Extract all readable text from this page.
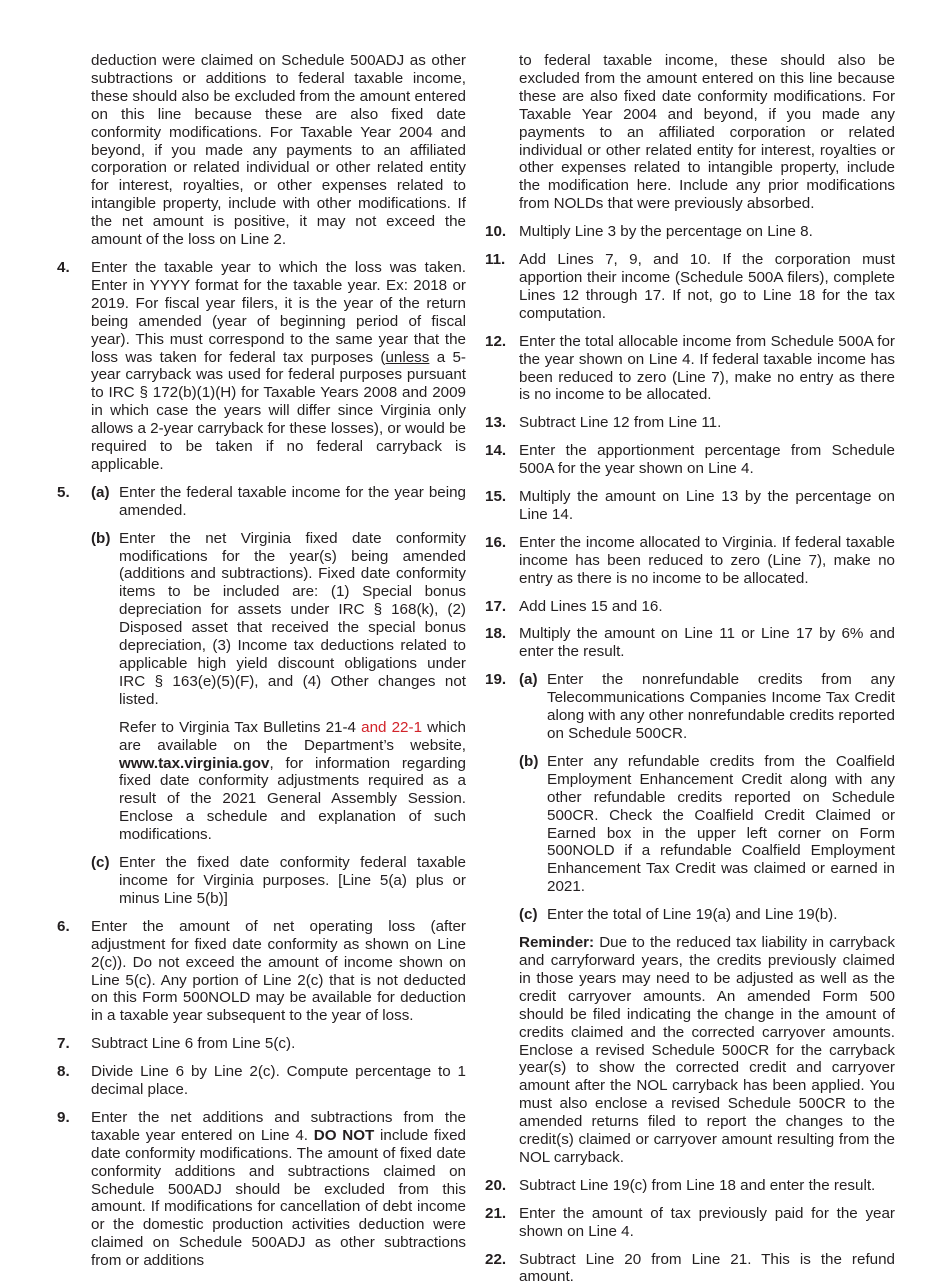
deduction were claimed on Schedule 500ADJ as other subtractions or additions to federal taxable income, these should also be excluded from the amount entered on this line because these are also fixed date conformity modifications. For Taxable Year 2004 and beyond, if you made any payments to an affiliated corporation or related individual or other related entity for interest, royalties, or other expenses related to intangible property, include with other modifications. If the net amount is positive, it may not exceed the amount of the loss on Line 2.

4.	Enter the taxable year to which the loss was taken. Enter in YYYY format for the taxable year. Ex: 2018 or 2019. For fiscal year filers, it is the year of the return being amended (year of beginning period of fiscal year). This must correspond to the same year that the loss was taken for federal tax purposes (unless a 5-year carryback was used for federal purposes pursuant to IRC § 172(b)(1)(H) for Taxable Years 2008 and 2009 in which case the years will differ since Virginia only allows a 2-year carryback for these losses), or would be required to be taken if no federal carryback is applicable.
5.	(a) Enter the federal taxable income for the year being amended.
(b) Enter the net Virginia fixed date conformity modifications for the year(s) being amended (additions and subtractions). Fixed date conformity items to be included are: (1) Special bonus depreciation for assets under IRC § 168(k), (2) Disposed asset that received the special bonus depreciation, (3) Income tax deductions related to applicable high yield discount obligations under IRC § 163(e)(5)(F), and (4) Other changes not listed.
Refer to Virginia Tax Bulletins 21-4 and 22-1 which are available on the Department’s website, www.tax.virginia.gov, for information regarding fixed date conformity adjustments required as a result of the 2021 General Assembly Session. Enclose a schedule and explanation of such modifications.
(c) Enter the fixed date conformity federal taxable income for Virginia purposes. [Line 5(a) plus or minus Line 5(b)]
6.	Enter the amount of net operating loss (after adjustment for fixed date conformity as shown on Line 2(c)). Do not exceed the amount of income shown on Line 5(c). Any portion of Line 2(c) that is not deducted on this Form 500NOLD may be available for deduction in a taxable year subsequent to the year of loss.
7.	Subtract Line 6 from Line 5(c).
8.	Divide Line 6 by Line 2(c). Compute percentage to 1 decimal place.
9.	Enter the net additions and subtractions from the taxable year entered on Line 4. DO NOT include fixed date conformity modifications. The amount of fixed date conformity additions and subtractions claimed on Schedule 500ADJ should be excluded from this amount. If modifications for cancellation of debt income or the domestic production activities deduction were claimed on Schedule 500ADJ as other subtractions from or additions

to federal taxable income, these should also be excluded from the amount entered on this line because these are also fixed date conformity modifications. For Taxable Year 2004 and beyond, if you made any payments to an affiliated corporation or related individual or other related entity for interest, royalties or other expenses related to intangible property, include the modification here. Include any prior modifications from NOLDs that were previously absorbed.

10. Multiply Line 3 by the percentage on Line 8.
11. Add Lines 7, 9, and 10. If the corporation must apportion their income (Schedule 500A filers), complete Lines 12 through 17. If not, go to Line 18 for the tax computation.
12. Enter the total allocable income from Schedule 500A for the year shown on Line 4. If federal taxable income has been reduced to zero (Line 7), make no entry as there is no income to be allocated.
13. Subtract Line 12 from Line 11.
14. Enter the apportionment percentage from Schedule 500A for the year shown on Line 4.
15. Multiply the amount on Line 13 by the percentage on Line 14.
16. Enter the income allocated to Virginia. If federal taxable income has been reduced to zero (Line 7), make no entry as there is no income to be allocated.
17. Add Lines 15 and 16.
18. Multiply the amount on Line 11 or Line 17 by 6% and enter the result.
19. (a) Enter the nonrefundable credits from any Telecommunications Companies Income Tax Credit along with any other nonrefundable credits reported on Schedule 500CR.
(b) Enter any refundable credits from the Coalfield Employment Enhancement Credit along with any other refundable credits reported on Schedule 500CR. Check the Coalfield Credit Claimed or Earned box in the upper left corner on Form 500NOLD if a refundable Coalfield Employment Enhancement Tax Credit was claimed or earned in 2021.
(c) Enter the total of Line 19(a) and Line 19(b).
Reminder: Due to the reduced tax liability in carryback and carryforward years, the credits previously claimed in those years may need to be adjusted as well as the credit carryover amounts. An amended Form 500 should be filed indicating the change in the amount of credits claimed and the corrected carryover amounts. Enclose a revised Schedule 500CR for the carryback year(s) to show the corrected credit and carryover amount after the NOL carryback has been applied. You must also enclose a revised Schedule 500CR to the amended returns filed to report the changes to the credit(s) claimed or carryover amount resulting from the NOL carryback.
20. Subtract Line 19(c) from Line 18 and enter the result.
21. Enter the amount of tax previously paid for the year shown on Line 4.
22. Subtract Line 20 from Line 21. This is the refund amount.
